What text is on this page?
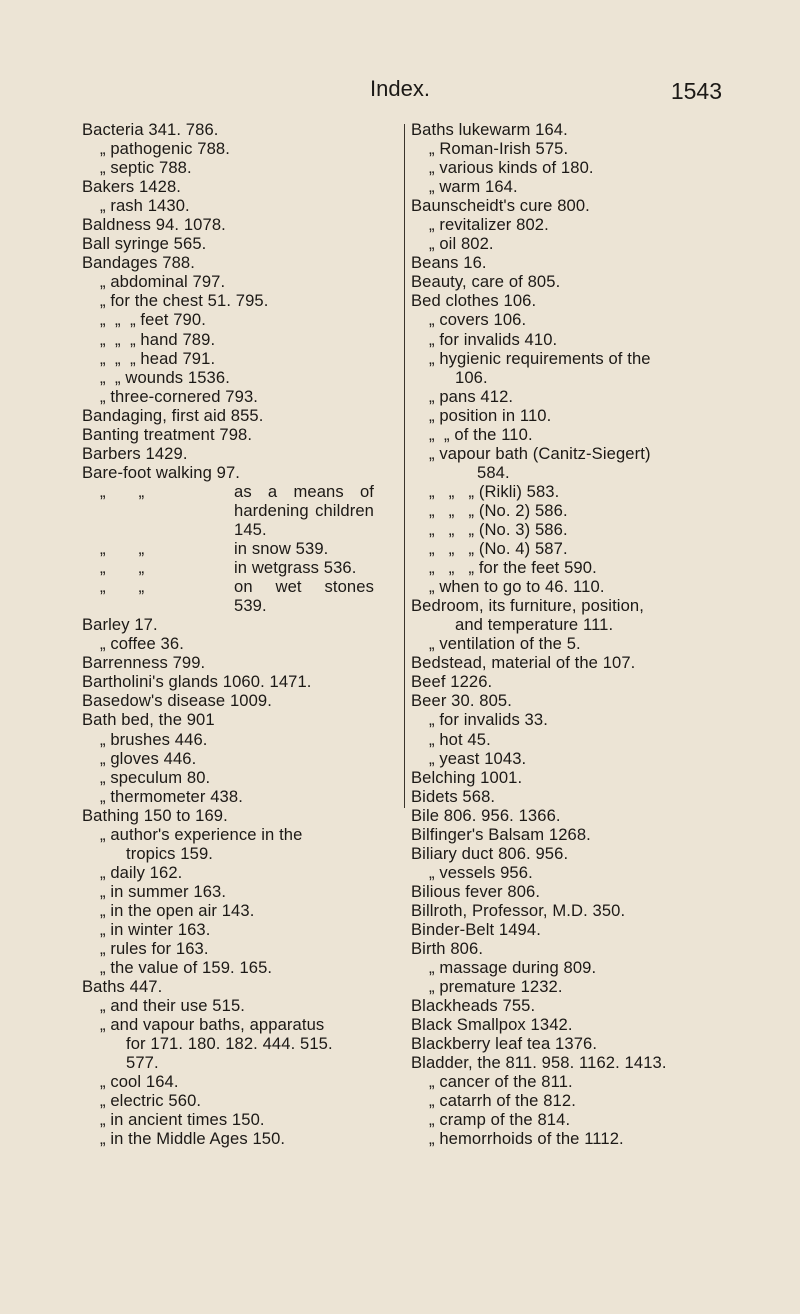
Index.	1543
Bacteria 341. 786.
„ pathogenic 788.
„ septic 788.
Bakers 1428.
„ rash 1430.
Baldness 94. 1078.
Ball syringe 565.
Bandages 788.
„ abdominal 797.
„ for the chest 51. 795.
„  „  „ feet 790.
„  „  „ hand 789.
„  „  „ head 791.
„  „ wounds 1536.
„ three-cornered 793.
Bandaging, first aid 855.
Banting treatment 798.
Barbers 1429.
Bare-foot walking 97.
„       „	as a means of hardening children 145.
„       „	in snow 539.
„       „	in wetgrass 536.
„       „	on wet stones 539.
Barley 17.
„ coffee 36.
Barrenness 799.
Bartholini's glands 1060. 1471.
Basedow's disease 1009.
Bath bed, the 901
„ brushes 446.
„ gloves 446.
„ speculum 80.
„ thermometer 438.
Bathing 150 to 169.
„ author's experience in the
tropics 159.
„ daily 162.
„ in summer 163.
„ in the open air 143.
„ in winter 163.
„ rules for 163.
„ the value of 159. 165.
Baths 447.
„ and their use 515.
„ and vapour baths, apparatus
for 171. 180. 182. 444. 515.
577.
„ cool 164.
„ electric 560.
„ in ancient times 150.
„ in the Middle Ages 150.
Baths lukewarm 164.
„ Roman-Irish 575.
„ various kinds of 180.
„ warm 164.
Baunscheidt's cure 800.
„ revitalizer 802.
„ oil 802.
Beans 16.
Beauty, care of 805.
Bed clothes 106.
„ covers 106.
„ for invalids 410.
„ hygienic requirements of the
106.
„ pans 412.
„ position in 110.
„  „ of the 110.
„ vapour bath (Canitz-Siegert)
584.
„   „   „ (Rikli) 583.
„   „   „ (No. 2) 586.
„   „   „ (No. 3) 586.
„   „   „ (No. 4) 587.
„   „   „ for the feet 590.
„ when to go to 46. 110.
Bedroom, its furniture, position,
and temperature 111.
„ ventilation of the 5.
Bedstead, material of the 107.
Beef 1226.
Beer 30. 805.
„ for invalids 33.
„ hot 45.
„ yeast 1043.
Belching 1001.
Bidets 568.
Bile 806. 956. 1366.
Bilfinger's Balsam 1268.
Biliary duct 806. 956.
„ vessels 956.
Bilious fever 806.
Billroth, Professor, M.D. 350.
Binder-Belt 1494.
Birth 806.
„ massage during 809.
„ premature 1232.
Blackheads 755.
Black Smallpox 1342.
Blackberry leaf tea 1376.
Bladder, the 811. 958. 1162. 1413.
„ cancer of the 811.
„ catarrh of the 812.
„ cramp of the 814.
„ hemorrhoids of the 1112.
